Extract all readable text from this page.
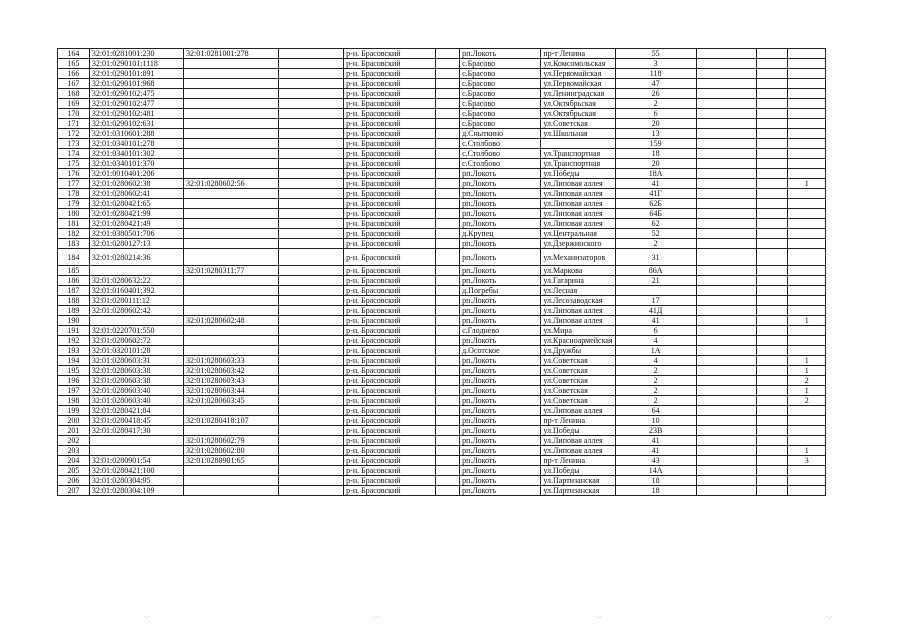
164	32:01:0281001:230	32:01:0281001:278		р-н. Брасовский		рп.Локоть	пр-т Ленина	55			
165	32:01:0290101:1118			р-н. Брасовский		с.Брасово	ул.Комсомольская	3			
166	32:01:0290101:891			р-н. Брасовский		с.Брасово	ул.Первомайская	118			
167	32:01:0290101:968			р-н. Брасовский		с.Брасово	ул.Первомайская	47			
168	32:01:0290102:475			р-н. Брасовский		с.Брасово	ул.Ленинградская	26			
169	32:01:0290102:477			р-н. Брасовский		с.Брасово	ул.Октябрьская	2			
170	32:01:0290102:481			р-н. Брасовский		с.Брасово	ул.Октябрьская	6			
171	32:01:0290102:631			р-н. Брасовский		с.Брасово	ул.Советская	20			
172	32:01:0310601:288			р-н. Брасовский		д.Сныткино	ул.Школьная	13			
173	32:01:0340101:278			р-н. Брасовский		с.Столбово		159			
174	32:01:0340101:302			р-н. Брасовский		с.Столбово	ул.Транспортная	18			
175	32:01:0340101:370			р-н. Брасовский		с.Столбово	ул.Транспортная	20			
176	32:01:0010401:206			р-н. Брасовский		рп.Локоть	ул.Победы	18А			
177	32:01:0280602:38	32:01:0280602:56		р-н. Брасовский		рп.Локоть	ул.Липовая аллея	41			1
178	32:01:0280602:41			р-н. Брасовский		рп.Локоть	ул.Липовая аллея	41Г			
179	32:01:0280421:65			р-н. Брасовский		рп.Локоть	ул.Липовая аллея	62Б			
180	32:01:0280421:99			р-н. Брасовский		рп.Локоть	ул.Липовая аллея	64Б			
181	32:01:0280421:49			р-н. Брасовский		рп.Локоть	ул.Липовая аллея	62			
182	32:01:0380501:706			р-н. Брасовский		д.Крупец	ул.Центральная	52			
183	32:01:0280127:13			р-н. Брасовский		рп.Локоть	ул.Дзержинского	2			
184	32:01:0280214:36			р-н. Брасовский		рп.Локоть	ул.Механизаторов	31			
185		32:01:0280311:77		р-н. Брасовский		рп.Локоть	ул.Маркова	86А			
186	32:01:0280632:22			р-н. Брасовский		рп.Локоть	ул.Гагарина	21			
187	32:01:0160401:392			р-н. Брасовский		д.Погребы	ул.Лесная				
188	32:01:0280111:12			р-н. Брасовский		рп.Локоть	ул.Лесозаводская	17			
189	32:01:0280602:42			р-н. Брасовский		рп.Локоть	ул.Липовая аллея	41Д			
190		32:01:0280602:48		р-н. Брасовский		рп.Локоть	ул.Липовая аллея	41			1
191	32:01:0220701:550			р-н. Брасовский		с.Глоднево	ул.Мира	6			
192	32:01:0280602:72			р-н. Брасовский		рп.Локоть	ул.Красноармейская	4			
193	32:01:0320101:28			р-н. Брасовский		д.Осотское	ул.Дружбы	1А			
194	32:01:0280603:31	32:01:0280603:33		р-н. Брасовский		рп.Локоть	ул.Советская	4			1
195	32:01:0280603:38	32:01:0280603:42		р-н. Брасовский		рп.Локоть	ул.Советская	2			1
196	32:01:0280603:38	32:01:0280603:43		р-н. Брасовский		рп.Локоть	ул.Советская	2			2
197	32:01:0280603:40	32:01:0280603:44		р-н. Брасовский		рп.Локоть	ул.Советская	2			1
198	32:01:0280603:40	32:01:0280603:45		р-н. Брасовский		рп.Локоть	ул.Советская	2			2
199	32:01:0280421:84			р-н. Брасовский		рп.Локоть	ул.Липовая аллея	64			
200	32:01:0280418:45	32:01:0280418:107		р-н. Брасовский		рп.Локоть	пр-т Ленина	10			
201	32:01:0280417:30			р-н. Брасовский		рп.Локоть	ул.Победы	23В			
202		32:01:0280602:79		р-н. Брасовский		рп.Локоть	ул.Липовая аллея	41			
203		32:01:0280602:80		р-н. Брасовский		рп.Локоть	ул.Липовая аллея	41			1
204	32:01:0280901:54	32:01:0280901:65		р-н. Брасовский		рп.Локоть	пр-т Ленина	43			3
205	32:01:0280421:100			р-н. Брасовский		рп.Локоть	ул.Победы	14А			
206	32:01:0280304:95			р-н. Брасовский		рп.Локоть	ул.Партизанская	18			
207	32:01:0280304:109			р-н. Брасовский		рп.Локоть	ул.Партизанская	18			
·‥·	·‥·	·‥·	·‥·
